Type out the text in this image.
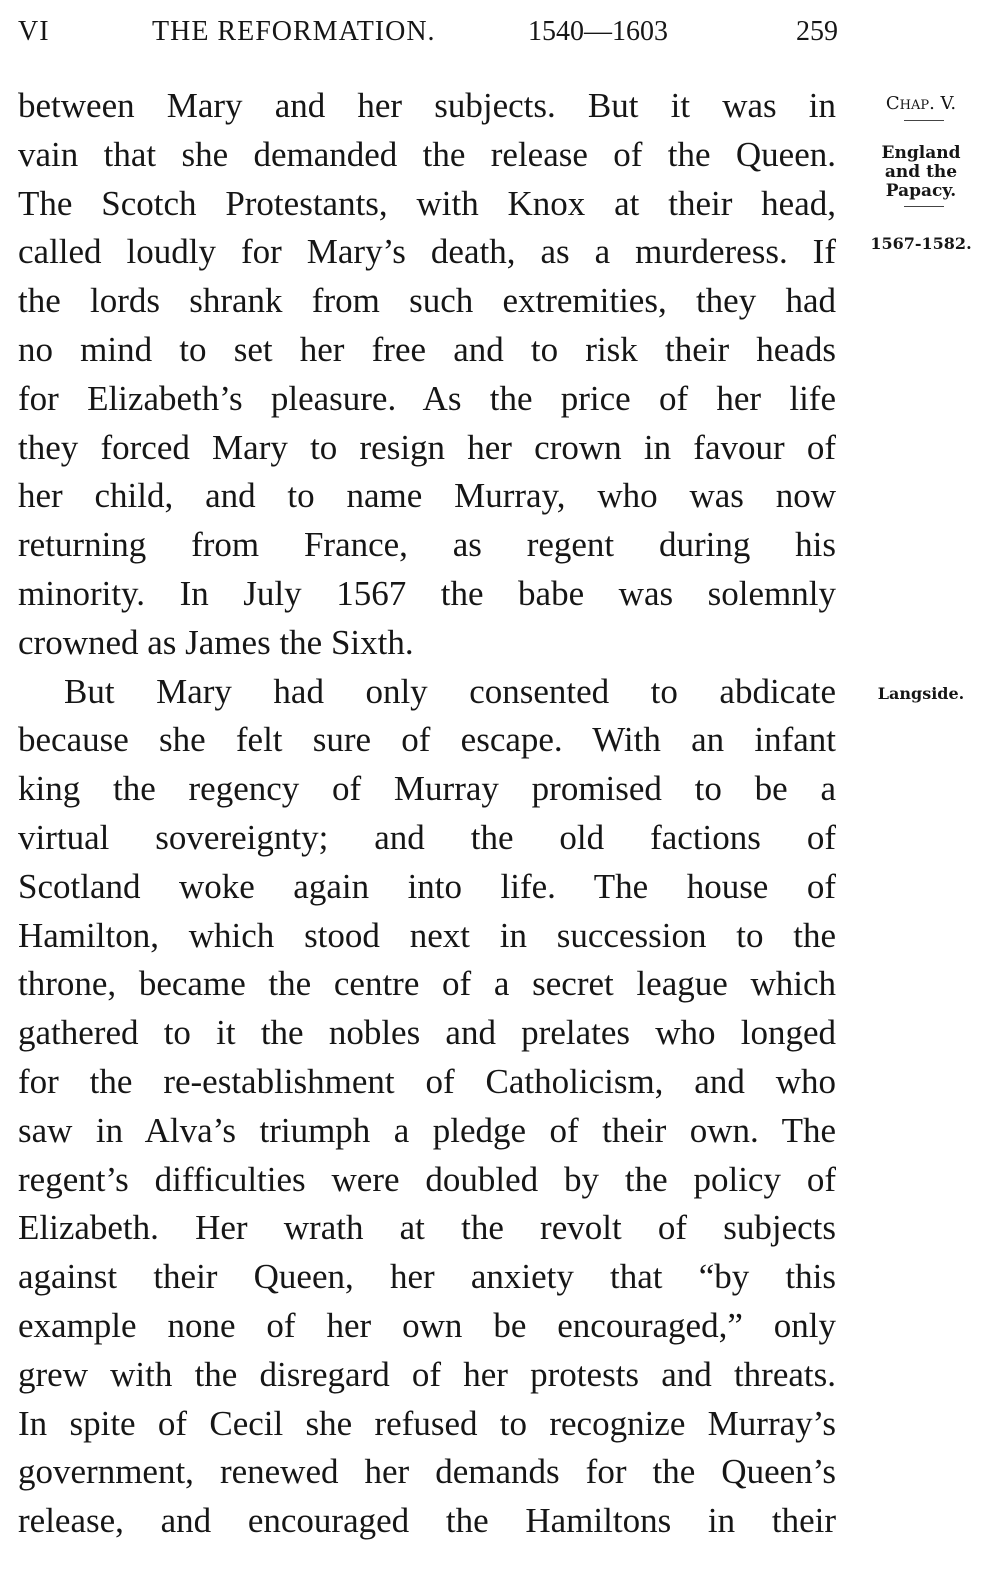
VI	THE REFORMATION.	1540—1603	259
between Mary and her subjects. But it was in
vain that she demanded the release of the Queen.
The Scotch Protestants, with Knox at their head,
called loudly for Mary’s death, as a murderess. If
the lords shrank from such extremities, they had
no mind to set her free and to risk their heads
for Elizabeth’s pleasure. As the price of her life
they forced Mary to resign her crown in favour of
her child, and to name Murray, who was now
returning from France, as regent during his
minority. In July 1567 the babe was solemnly
crowned as James the Sixth.
But Mary had only consented to abdicate
because she felt sure of escape. With an infant
king the regency of Murray promised to be a
virtual sovereignty; and the old factions of
Scotland woke again into life. The house of
Hamilton, which stood next in succession to the
throne, became the centre of a secret league which
gathered to it the nobles and prelates who longed
for the re-establishment of Catholicism, and who
saw in Alva’s triumph a pledge of their own. The
regent’s difficulties were doubled by the policy of
Elizabeth. Her wrath at the revolt of subjects
against their Queen, her anxiety that “by this
example none of her own be encouraged,” only
grew with the disregard of her protests and threats.
In spite of Cecil she refused to recognize Murray’s
government, renewed her demands for the Queen’s
release, and encouraged the Hamiltons in their
Chap. V.
England
and the
Papacy.
1567-1582.
Langside.
